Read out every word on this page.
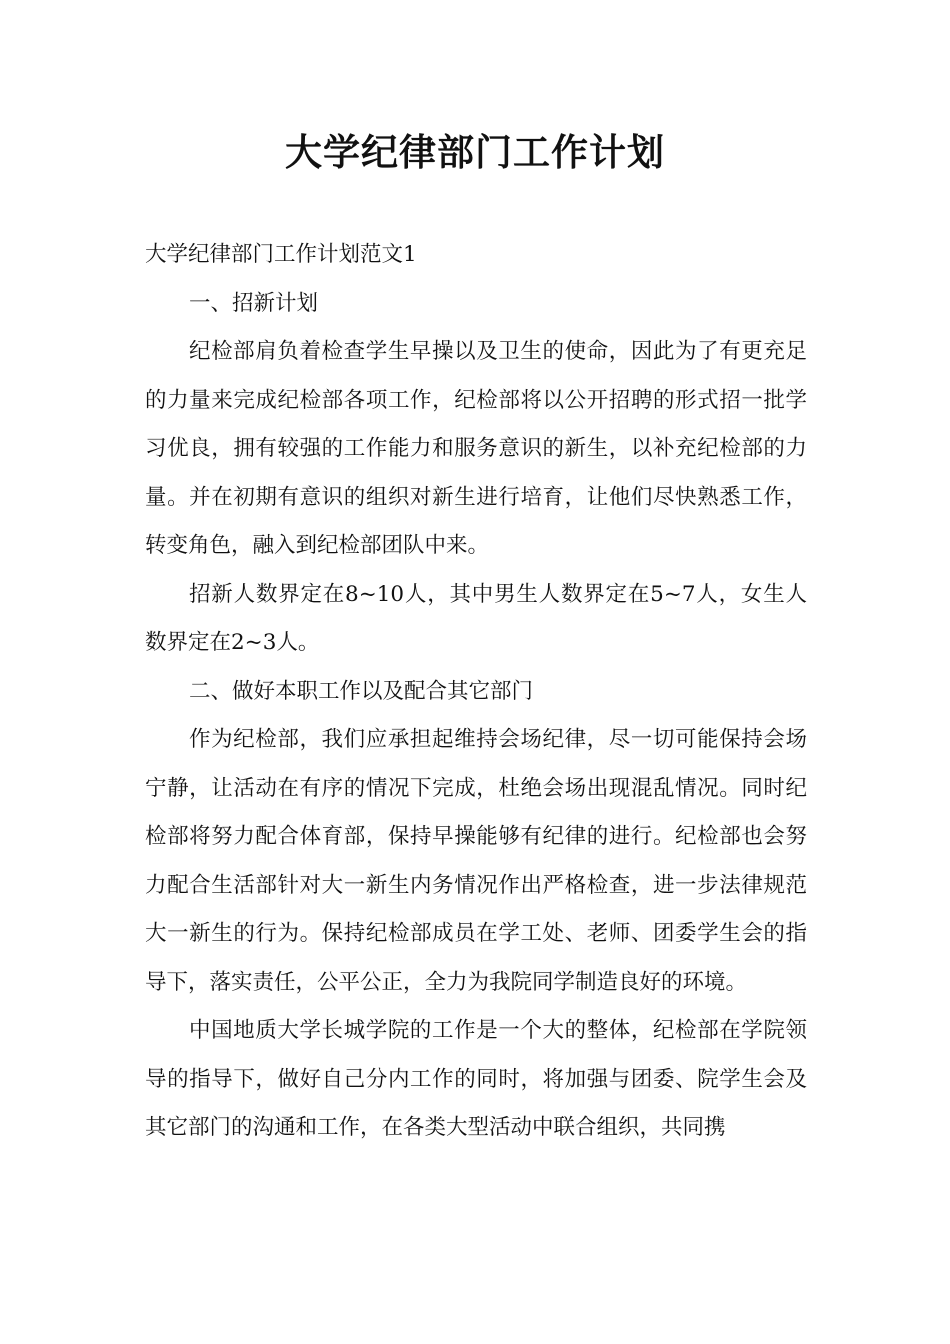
大学纪律部门工作计划

大学纪律部门工作计划范文1

一、招新计划

纪检部肩负着检查学生早操以及卫生的使命，因此为了有更充足的力量来完成纪检部各项工作，纪检部将以公开招聘的形式招一批学习优良，拥有较强的工作能力和服务意识的新生，以补充纪检部的力量。并在初期有意识的组织对新生进行培育，让他们尽快熟悉工作，转变角色，融入到纪检部团队中来。

招新人数界定在8~10人，其中男生人数界定在5~7人，女生人数界定在2~3人。

二、做好本职工作以及配合其它部门

作为纪检部，我们应承担起维持会场纪律，尽一切可能保持会场宁静，让活动在有序的情况下完成，杜绝会场出现混乱情况。同时纪检部将努力配合体育部，保持早操能够有纪律的进行。纪检部也会努力配合生活部针对大一新生内务情况作出严格检查，进一步法律规范大一新生的行为。保持纪检部成员在学工处、老师、团委学生会的指导下，落实责任，公平公正，全力为我院同学制造良好的环境。

中国地质大学长城学院的工作是一个大的整体，纪检部在学院领导的指导下，做好自己分内工作的同时，将加强与团委、院学生会及其它部门的沟通和工作，在各类大型活动中联合组织，共同携
